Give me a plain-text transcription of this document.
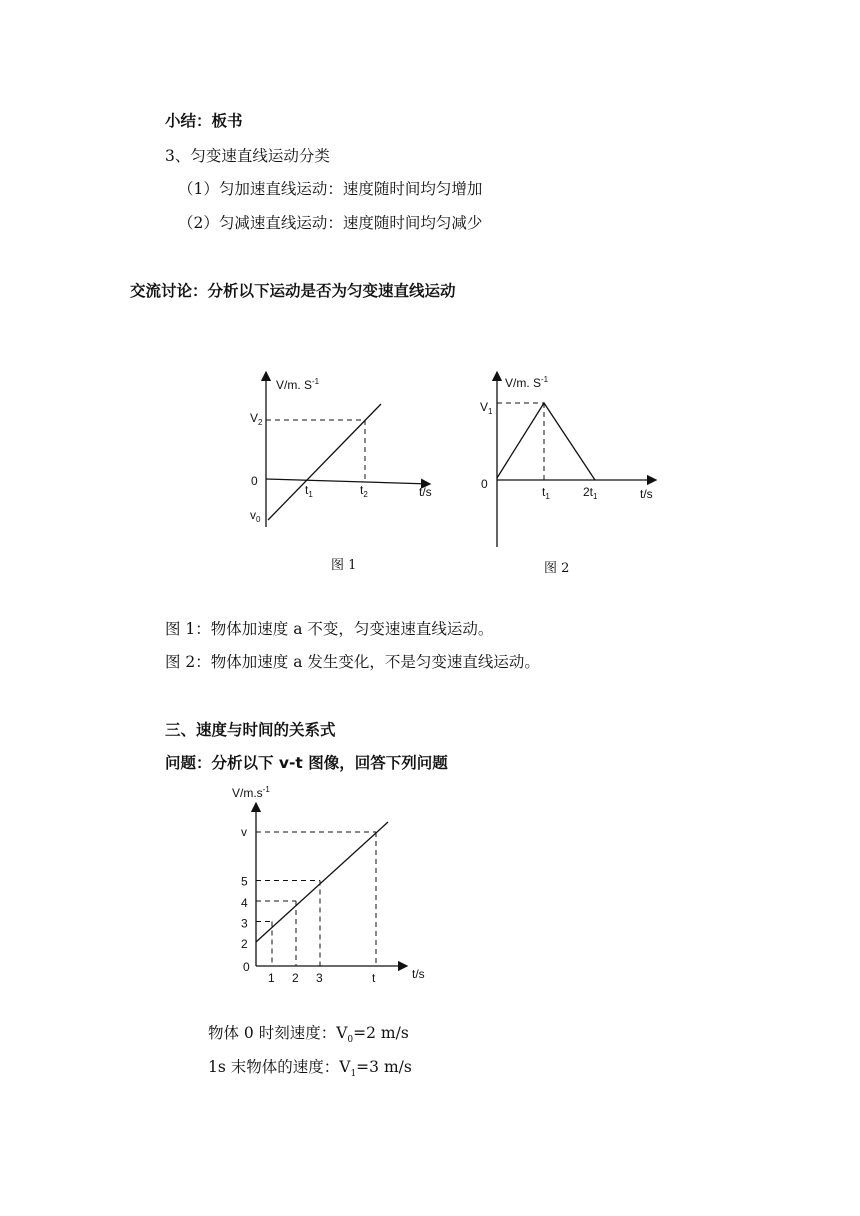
小结：板书
3、匀变速直线运动分类
（1）匀加速直线运动：速度随时间均匀增加
（2）匀减速直线运动：速度随时间均匀减少
交流讨论：分析以下运动是否为匀变速直线运动
V/m. $S^{-1}$
$V_2$
0
$v_0$
$t_1$	$t_2$	t/s
V/m. $S^{-1}$
$V_1$
0
$t_1$	$2t_1$	t/s
图 1	图 2
图 1：物体加速度 a 不变，匀变速速直线运动。
图 2：物体加速度 a 发生变化，不是匀变速直线运动。
三、速度与时间的关系式
问题：分析以下 v-t 图像，回答下列问题
$V/m.s^{-1}$
t/s
0
2
3
4
5
v
1 2 3	t
物体 0 时刻速度：$V_0=2$ m/s
1s 末物体的速度：$V_1=3$ m/s
